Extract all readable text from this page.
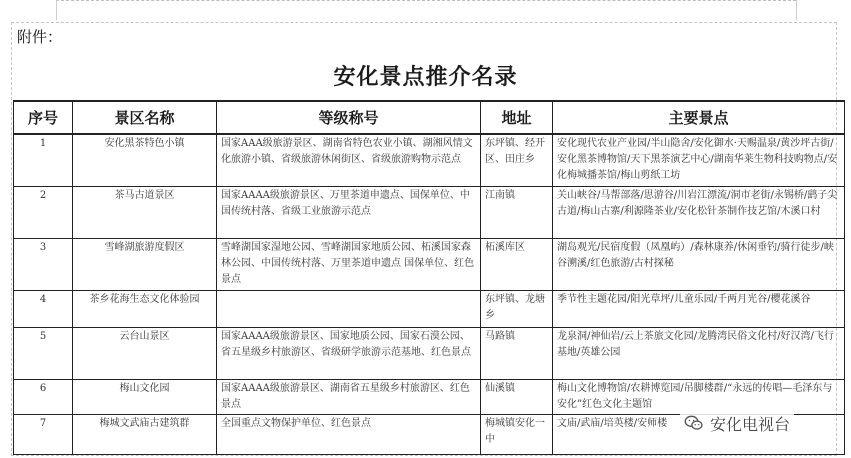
附件：
安化景点推介名录
序号	景区名称	等级称号	地址	主要景点
1	安化黑茶特色小镇	国家AAA级旅游景区、湖南省特色农业小镇、湖湘风情文化旅游小镇、省级旅游休闲街区、省级旅游购物示范点	东坪镇、经开区、田庄乡	安化现代农业产业园/半山隐舍/安化御水·天赐温泉/黄沙坪古街/安化黑茶博物馆/天下黑茶演艺中心/湖南华莱生物科技购物点/安化梅城播茶馆/梅山剪纸工坊
2	茶马古道景区	国家AAAA级旅游景区、万里茶道申遗点、国保单位、中国传统村落、省级工业旅游示范点	江南镇	关山峡谷/马帮部落/思游谷/川岩江漂流/洞市老街/永锡桥/鹞子尖古道/梅山古寨/利源隆茶业/安化松针茶制作技艺馆/木溪口村
3	雪峰湖旅游度假区	雪峰湖国家湿地公园、雪峰湖国家地质公园、柘溪国家森林公园、中国传统村落、万里茶道申遗点 国保单位、红色景点	柘溪库区	湖岛观光/民宿度假（凤凰屿）/森林康养/休闲垂钓/骑行徒步/峡谷溯溪/红色旅游/古村探秘
4	茶乡花海生态文化体验园		东坪镇、龙塘乡	季节性主题花园/阳光草坪/儿童乐园/千两月光谷/樱花溪谷
5	云台山景区	国家AAAA级旅游景区、国家地质公园、国家石漠公园、省五星级乡村旅游区、省级研学旅游示范基地、红色景点	马路镇	龙泉洞/神仙岩/云上茶旅文化园/龙腾湾民俗文化村/好汉湾/飞行基地/英雄公园
6	梅山文化园	国家AAAA级旅游景区、湖南省五星级乡村旅游区、红色景点	仙溪镇	梅山文化博物馆/农耕博览园/吊脚楼群/“永远的传唱—毛泽东与安化”红色文化主题馆
7	梅城文武庙古建筑群	全国重点文物保护单位、红色景点	梅城镇安化一中	文庙/武庙/培英楼/安师楼	安化电视台
